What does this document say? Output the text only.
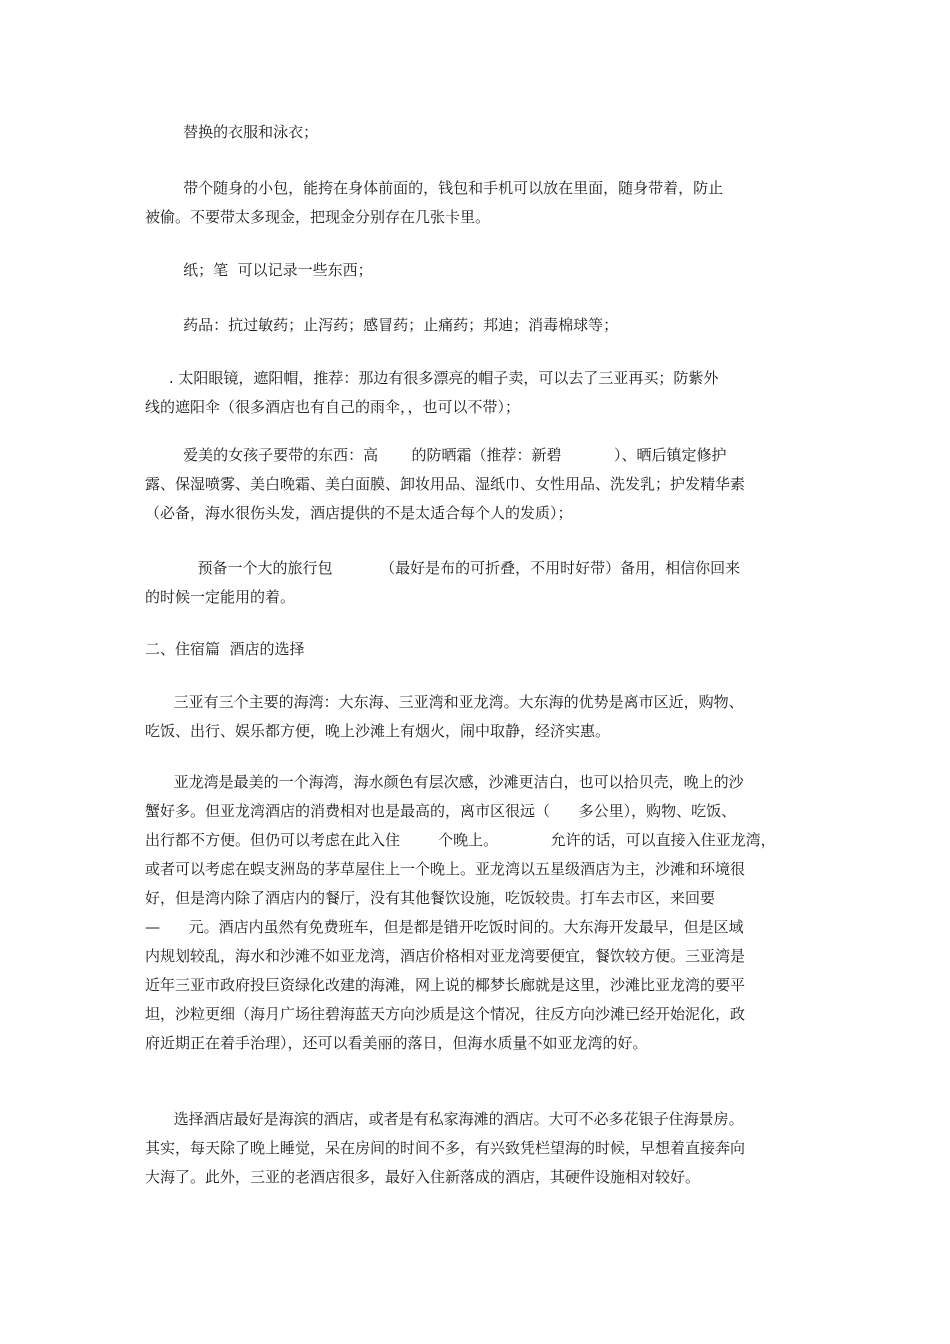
替换的衣服和泳衣；

带个随身的小包，能挎在身体前面的，钱包和手机可以放在里面，随身带着，防止
被偷。不要带太多现金，把现金分别存在几张卡里。

纸；笔  可以记录一些东西；

药品：抗过敏药；止泻药；感冒药；止痛药；邦迪；消毒棉球等；

. 太阳眼镜，遮阳帽，推荐：那边有很多漂亮的帽子卖，可以去了三亚再买；防紫外
线的遮阳伞（很多酒店也有自己的雨伞，，也可以不带）；

爱美的女孩子要带的东西：高       的防晒霜（推荐：新碧           ）、晒后镇定修护
露、保湿喷雾、美白晚霜、美白面膜、卸妆用品、湿纸巾、女性用品、洗发乳；护发精华素
（必备，海水很伤头发，酒店提供的不是太适合每个人的发质）；

预备一个大的旅行包          （最好是布的可折叠，不用时好带）备用，相信你回来
的时候一定能用的着。

二、住宿篇  酒店的选择

三亚有三个主要的海湾：大东海、三亚湾和亚龙湾。大东海的优势是离市区近，购物、
吃饭、出行、娱乐都方便，晚上沙滩上有烟火，闹中取静，经济实惠。

亚龙湾是最美的一个海湾，海水颜色有层次感，沙滩更洁白，也可以拾贝壳，晚上的沙
蟹好多。但亚龙湾酒店的消费相对也是最高的，离市区很远（      多公里），购物、吃饭、
出行都不方便。但仍可以考虑在此入住        个晚上。           允许的话，可以直接入住亚龙湾，
或者可以考虑在蜈支洲岛的茅草屋住上一个晚上。亚龙湾以五星级酒店为主，沙滩和环境很
好，但是湾内除了酒店内的餐厅，没有其他餐饮设施，吃饭较贵。打车去市区，来回要
—      元。酒店内虽然有免费班车，但是都是错开吃饭时间的。大东海开发最早，但是区域
内规划较乱，海水和沙滩不如亚龙湾，酒店价格相对亚龙湾要便宜，餐饮较方便。三亚湾是
近年三亚市政府投巨资绿化改建的海滩，网上说的椰梦长廊就是这里，沙滩比亚龙湾的要平
坦，沙粒更细（海月广场往碧海蓝天方向沙质是这个情况，往反方向沙滩已经开始泥化，政
府近期正在着手治理），还可以看美丽的落日，但海水质量不如亚龙湾的好。

选择酒店最好是海滨的酒店，或者是有私家海滩的酒店。大可不必多花银子住海景房。
其实，每天除了晚上睡觉，呆在房间的时间不多，有兴致凭栏望海的时候，早想着直接奔向
大海了。此外，三亚的老酒店很多，最好入住新落成的酒店，其硬件设施相对较好。
